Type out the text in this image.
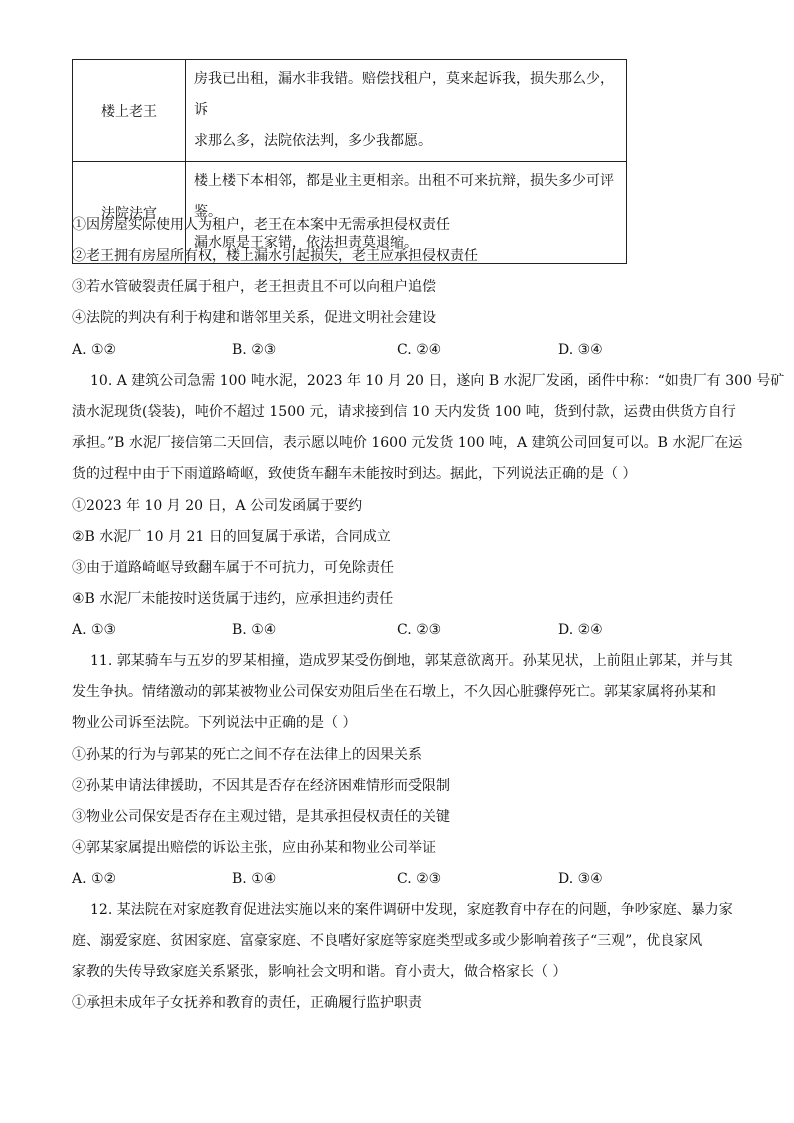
楼上老王	房我已出租，漏水非我错。赔偿找租户，莫来起诉我，损失那么少，诉
求那么多，法院依法判，多少我都愿。

法院法官	楼上楼下本相邻，都是业主更相亲。出租不可来抗辩，损失多少可评鉴。
漏水原是王家错，依法担责莫退缩。
①因房屋实际使用人为租户，老王在本案中无需承担侵权责任
②老王拥有房屋所有权，楼上漏水引起损失，老王应承担侵权责任
③若水管破裂责任属于租户，老王担责且不可以向租户追偿
④法院的判决有利于构建和谐邻里关系，促进文明社会建设
A. ①②	B. ②③	C. ②④	D. ③④
10. A 建筑公司急需 100 吨水泥，2023 年 10 月 20 日，遂向 B 水泥厂发函，函件中称：“如贵厂有 300 号矿
渍水泥现货(袋装)，吨价不超过 1500 元，请求接到信 10 天内发货 100 吨，货到付款，运费由供货方自行
承担。”B 水泥厂接信第二天回信，表示愿以吨价 1600 元发货 100 吨，A 建筑公司回复可以。B 水泥厂在运
货的过程中由于下雨道路崎岖，致使货车翻车未能按时到达。据此，下列说法正确的是（ ）
①2023 年 10 月 20 日，A 公司发函属于要约
②B 水泥厂 10 月 21 日的回复属于承诺，合同成立
③由于道路崎岖导致翻车属于不可抗力，可免除责任
④B 水泥厂未能按时送货属于违约，应承担违约责任
A. ①③	B. ①④	C. ②③	D. ②④
11. 郭某骑车与五岁的罗某相撞，造成罗某受伤倒地，郭某意欲离开。孙某见状，上前阻止郭某，并与其
发生争执。情绪激动的郭某被物业公司保安劝阻后坐在石墩上，不久因心脏骤停死亡。郭某家属将孙某和
物业公司诉至法院。下列说法中正确的是（ ）
①孙某的行为与郭某的死亡之间不存在法律上的因果关系
②孙某申请法律援助，不因其是否存在经济困难情形而受限制
③物业公司保安是否存在主观过错，是其承担侵权责任的关键
④郭某家属提出赔偿的诉讼主张，应由孙某和物业公司举证
A. ①②	B. ①④	C. ②③	D. ③④
12. 某法院在对家庭教育促进法实施以来的案件调研中发现，家庭教育中存在的问题，争吵家庭、暴力家
庭、溺爱家庭、贫困家庭、富豪家庭、不良嗜好家庭等家庭类型或多或少影响着孩子“三观”，优良家风
家教的失传导致家庭关系紧张，影响社会文明和谐。育小责大，做合格家长（ ）
①承担未成年子女抚养和教育的责任，正确履行监护职责
